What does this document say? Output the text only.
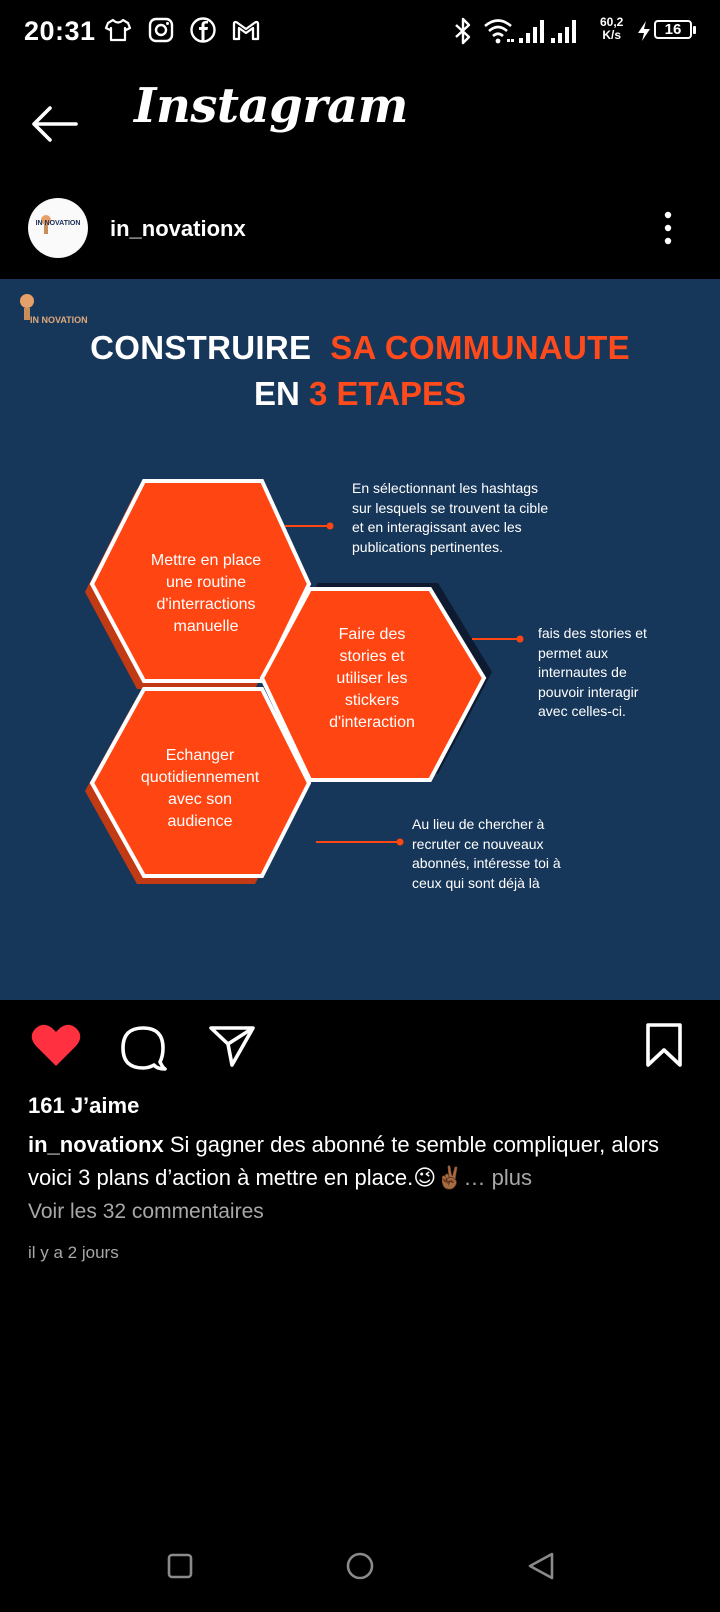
20:31	60,2
K/s	16
Instagram
IN NOVATION	in_novationx
IN NOVATION
CONSTRUIRE SA COMMUNAUTE
EN 3 ETAPES
Mettre en place
une routine
d'interractions
manuelle	Faire des
stories et
utiliser les
stickers
d'interaction
Echanger
quotidiennement
avec son
audience
En sélectionnant les hashtags
sur lesquels se trouvent ta cible
et en interagissant avec les
publications pertinentes.
fais des stories et
permet aux
internautes de
pouvoir interagir
avec celles-ci.
Au lieu de chercher à
recruter ce nouveaux
abonnés, intéresse toi à
ceux qui sont déjà là
161 J’aime
in_novationx Si gagner des abonné te semble compliquer, alors voici 3 plans d’action à mettre en place.😉✌🏾… plus
Voir les 32 commentaires
il y a 2 jours
